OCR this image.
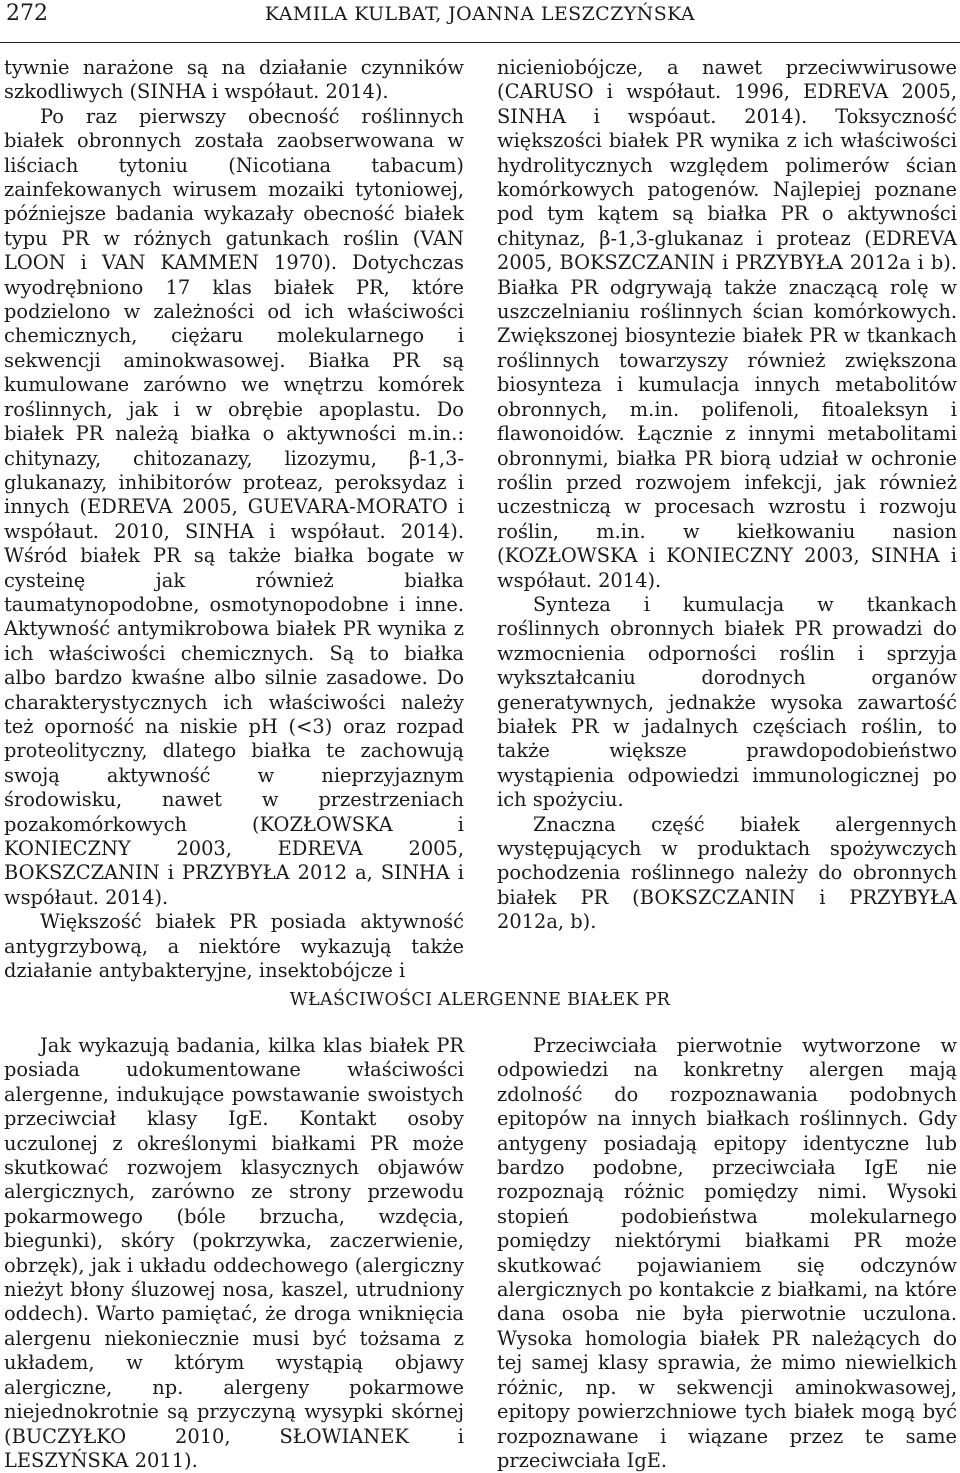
272	KAMILA KULBAT, JOANNA LESZCZYŃSKA

tywnie narażone są na działanie czynników szkodliwych (SINHA i współaut. 2014).

Po raz pierwszy obecność roślinnych białek obronnych została zaobserwowana w liściach tytoniu (Nicotiana tabacum) zainfekowanych wirusem mozaiki tytoniowej, późniejsze badania wykazały obecność białek typu PR w różnych gatunkach roślin (VAN LOON i VAN KAMMEN 1970). Dotychczas wyodrębniono 17 klas białek PR, które podzielono w zależności od ich właściwości chemicznych, ciężaru molekularnego i sekwencji aminokwasowej. Białka PR są kumulowane zarówno we wnętrzu komórek roślinnych, jak i w obrębie apoplastu. Do białek PR należą białka o aktywności m.in.: chitynazy, chitozanazy, lizozymu, β-1,3-glukanazy, inhibitorów proteaz, peroksydaz i innych (EDREVA 2005, GUEVARA-MORATO i współaut. 2010, SINHA i współaut. 2014). Wśród białek PR są także białka bogate w cysteinę jak również białka taumatynopodobne, osmotynopodobne i inne. Aktywność antymikrobowa białek PR wynika z ich właściwości chemicznych. Są to białka albo bardzo kwaśne albo silnie zasadowe. Do charakterystycznych ich właściwości należy też oporność na niskie pH (<3) oraz rozpad proteolityczny, dlatego białka te zachowują swoją aktywność w nieprzyjaznym środowisku, nawet w przestrzeniach pozakomórkowych (KOZŁOWSKA i KONIECZNY 2003, EDREVA 2005, BOKSZCZANIN i PRZYBYŁA 2012 a, SINHA i współaut. 2014).

Większość białek PR posiada aktywność antygrzybową, a niektóre wykazują także działanie antybakteryjne, insektobójcze i

nicieniobójcze, a nawet przeciwwirusowe (CARUSO i współaut. 1996, EDREVA 2005, SINHA i wspóaut. 2014). Toksyczność większości białek PR wynika z ich właściwości hydrolitycznych względem polimerów ścian komórkowych patogenów. Najlepiej poznane pod tym kątem są białka PR o aktywności chitynaz, β-1,3-glukanaz i proteaz (EDREVA 2005, BOKSZCZANIN i PRZYBYŁA 2012a i b). Białka PR odgrywają także znaczącą rolę w uszczelnianiu roślinnych ścian komórkowych. Zwiększonej biosyntezie białek PR w tkankach roślinnych towarzyszy również zwiększona biosynteza i kumulacja innych metabolitów obronnych, m.in. polifenoli, fitoaleksyn i flawonoidów. Łącznie z innymi metabolitami obronnymi, białka PR biorą udział w ochronie roślin przed rozwojem infekcji, jak również uczestniczą w procesach wzrostu i rozwoju roślin, m.in. w kiełkowaniu nasion (KOZŁOWSKA i KONIECZNY 2003, SINHA i współaut. 2014).

Synteza i kumulacja w tkankach roślinnych obronnych białek PR prowadzi do wzmocnienia odporności roślin i sprzyja wykształcaniu dorodnych organów generatywnych, jednakże wysoka zawartość białek PR w jadalnych częściach roślin, to także większe prawdopodobieństwo wystąpienia odpowiedzi immunologicznej po ich spożyciu.

Znaczna część białek alergennych występujących w produktach spożywczych pochodzenia roślinnego należy do obronnych białek PR (BOKSZCZANIN i PRZYBYŁA 2012a, b).

WŁAŚCIWOŚCI ALERGENNE BIAŁEK PR

Jak wykazują badania, kilka klas białek PR posiada udokumentowane właściwości alergenne, indukujące powstawanie swoistych przeciwciał klasy IgE. Kontakt osoby uczulonej z określonymi białkami PR może skutkować rozwojem klasycznych objawów alergicznych, zarówno ze strony przewodu pokarmowego (bóle brzucha, wzdęcia, biegunki), skóry (pokrzywka, zaczerwienie, obrzęk), jak i układu oddechowego (alergiczny nieżyt błony śluzowej nosa, kaszel, utrudniony oddech). Warto pamiętać, że droga wniknięcia alergenu niekoniecznie musi być tożsama z układem, w którym wystąpią objawy alergiczne, np. alergeny pokarmowe niejednokrotnie są przyczyną wysypki skórnej (BUCZYŁKO 2010, SŁOWIANEK i LESZYŃSKA 2011).

Przeciwciała pierwotnie wytworzone w odpowiedzi na konkretny alergen mają zdolność do rozpoznawania podobnych epitopów na innych białkach roślinnych. Gdy antygeny posiadają epitopy identyczne lub bardzo podobne, przeciwciała IgE nie rozpoznają różnic pomiędzy nimi. Wysoki stopień podobieństwa molekularnego pomiędzy niektórymi białkami PR może skutkować pojawianiem się odczynów alergicznych po kontakcie z białkami, na które dana osoba nie była pierwotnie uczulona. Wysoka homologia białek PR należących do tej samej klasy sprawia, że mimo niewielkich różnic, np. w sekwencji aminokwasowej, epitopy powierzchniowe tych białek mogą być rozpoznawane i wiązane przez te same przeciwciała IgE.
